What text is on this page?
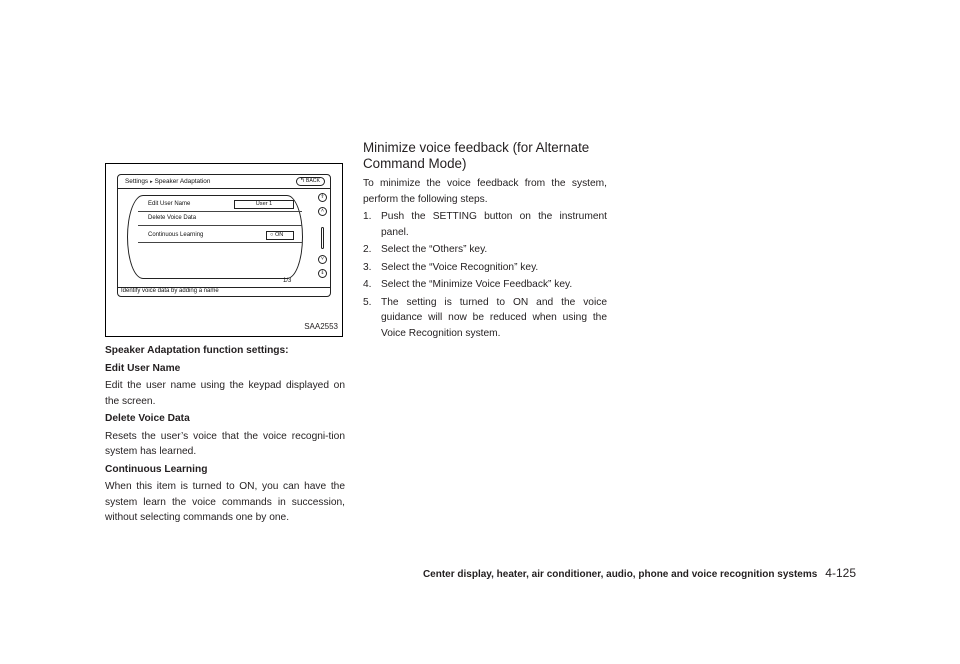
Settings ▸ Speaker Adaptation	↰BACK
Edit User Name	User 1
Delete Voice Data
Continuous Learning	○ ON
1/3
⇑
˄
˅
⇓
Identify voice data by adding a name
SAA2553
Speaker Adaptation function settings:
Edit User Name
Edit the user name using the keypad displayed on the screen.
Delete Voice Data
Resets the user’s voice that the voice recogni-tion system has learned.
Continuous Learning
When this item is turned to ON, you can have the system learn the voice commands in succession, without selecting commands one by one.
Minimize voice feedback (for Alternate Command Mode)
To minimize the voice feedback from the system, perform the following steps.
1. Push the SETTING button on the instrument panel.
2. Select the “Others” key.
3. Select the “Voice Recognition” key.
4. Select the “Minimize Voice Feedback” key.
5. The setting is turned to ON and the voice guidance will now be reduced when using the Voice Recognition system.
Center display, heater, air conditioner, audio, phone and voice recognition systems 4-125
